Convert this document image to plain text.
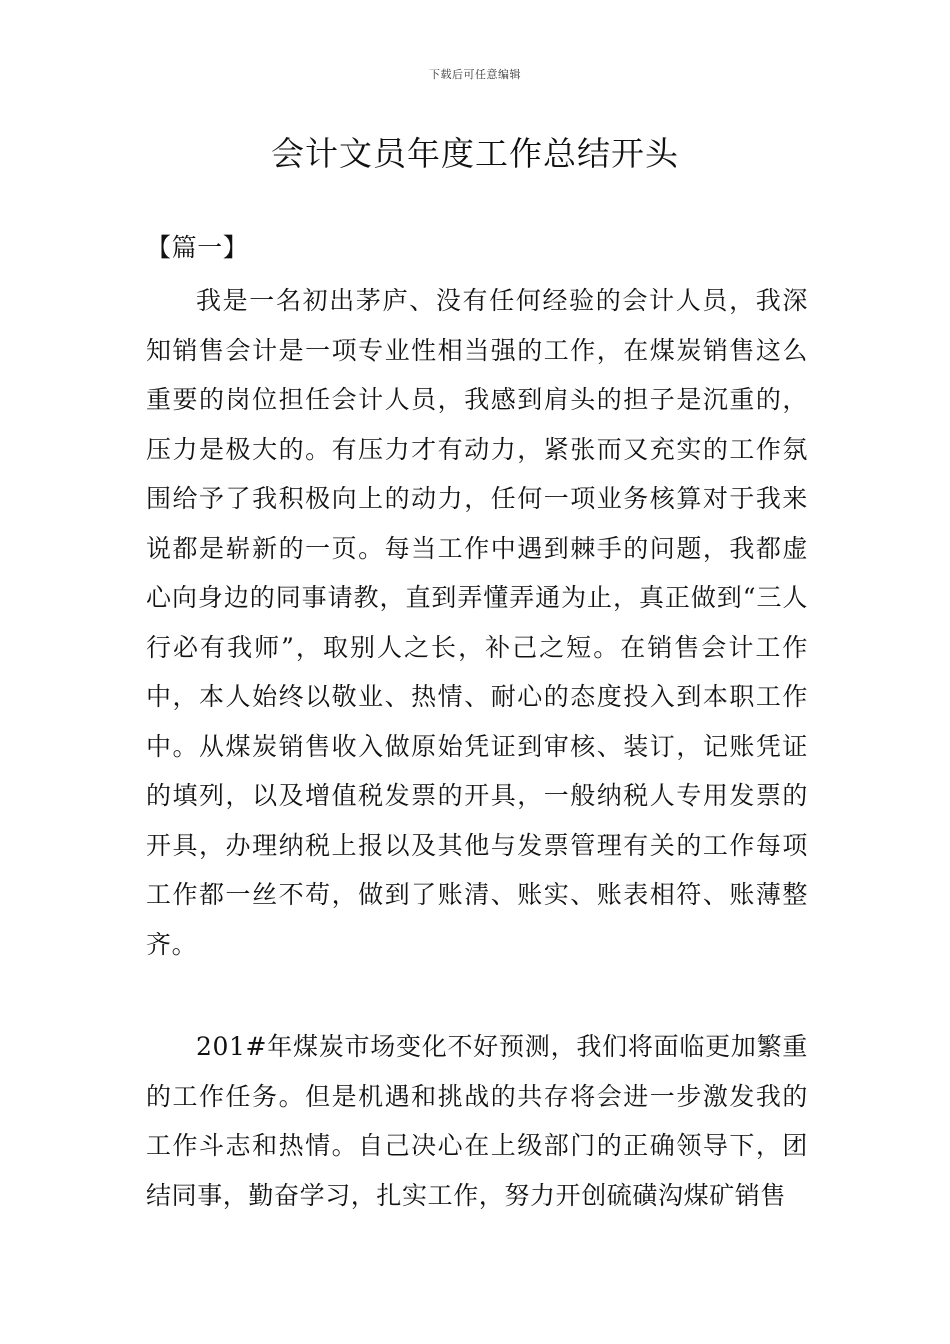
下载后可任意编辑
会计文员年度工作总结开头
【篇一】

我是一名初出茅庐、没有任何经验的会计人员，我深知销售会计是一项专业性相当强的工作，在煤炭销售这么重要的岗位担任会计人员，我感到肩头的担子是沉重的，压力是极大的。有压力才有动力，紧张而又充实的工作氛围给予了我积极向上的动力，任何一项业务核算对于我来说都是崭新的一页。每当工作中遇到棘手的问题，我都虚心向身边的同事请教，直到弄懂弄通为止，真正做到“三人行必有我师”，取别人之长，补己之短。在销售会计工作中，本人始终以敬业、热情、耐心的态度投入到本职工作中。从煤炭销售收入做原始凭证到审核、装订，记账凭证的填列，以及增值税发票的开具，一般纳税人专用发票的开具，办理纳税上报以及其他与发票管理有关的工作每项工作都一丝不苟，做到了账清、账实、账表相符、账薄整齐。

201#年煤炭市场变化不好预测，我们将面临更加繁重的工作任务。但是机遇和挑战的共存将会进一步激发我的工作斗志和热情。自己决心在上级部门的正确领导下，团结同事，勤奋学习，扎实工作，努力开创硫磺沟煤矿销售
